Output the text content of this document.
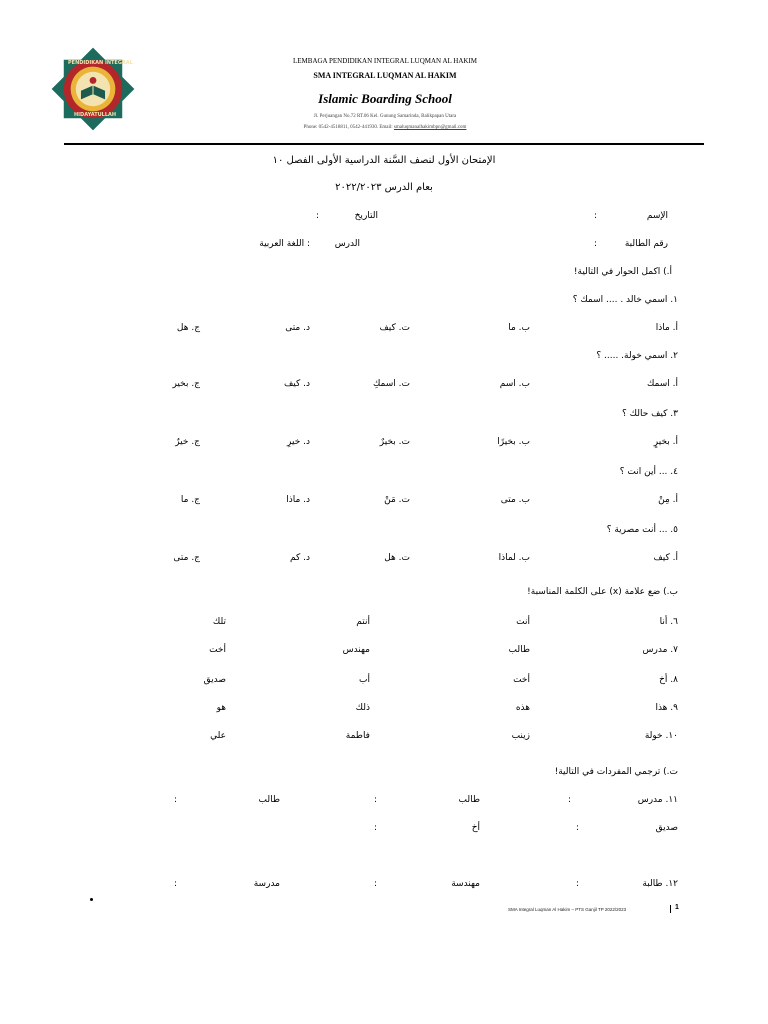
PENDIDIKAN INTEGRAL
HIDAYATULLAH
LEMBAGA PENDIDIKAN INTEGRAL LUQMAN AL HAKIM
SMA INTEGRAL LUQMAN AL HAKIM
Islamic Boarding School
Jl. Perjuangan No.72 RT.06 Kel. Gunung Samarinda, Balikpapan Utara
Phone: 0542-4518811, 0542-441930. Email: smaluqmanalhakimbpn@gmail.com
الإمتحان الأول لنصف السَّنة الدراسية الأولى الفصل ١٠
بعام الدرس ٢٠٢٢/٢٠٢٣
الإسم
:
التاريخ
:
رقم الطالبة
:
الدرس
: اللغة العربية
أ.) اكمل الحوار في التالية!
١. اسمي خالد . .... اسمك ؟
أ. ماذا
ب. ما
ت. كيف
د. متى
ج. هل
٢. اسمي خولة. ..... ؟
أ. اسمك
ب. اسم
ت. اسمكِ
د. كيف
ج. بخير
٣. كيف حالك ؟
أ. بخيرٍ
ب. بخيرًا
ت. بخيرٌ
د. خيرِ
ج. خيرٌ
٤. ... أين انت ؟
أ. مِنْ
ب. متى
ت. مَنْ
د. ماذا
ج. ما
٥. ... أنت مصرية ؟
أ. كيف
ب. لماذا
ت. هل
د. كم
ج. متى
ب.) ضع علامة (x) على الكلمة المناسبة!
٦. أنا
أنت
أنتم
تلك
٧. مدرس
طالب
مهندس
أخت
٨. أخ
أخت
أب
صديق
٩. هذا
هذه
ذلك
هو
١٠. خولة
زينب
فاطمة
علي
ت.) ترجمي المفردات في التالية!
١١. مدرس
:
طالب
:
طالب
:
صديق
:
أخ
:
١٢. طالبة
:
مهندسة
:
مدرسة
:
SMA Integral Luqman Al Hakim – PTS Ganjil TP 2022/2023	1
